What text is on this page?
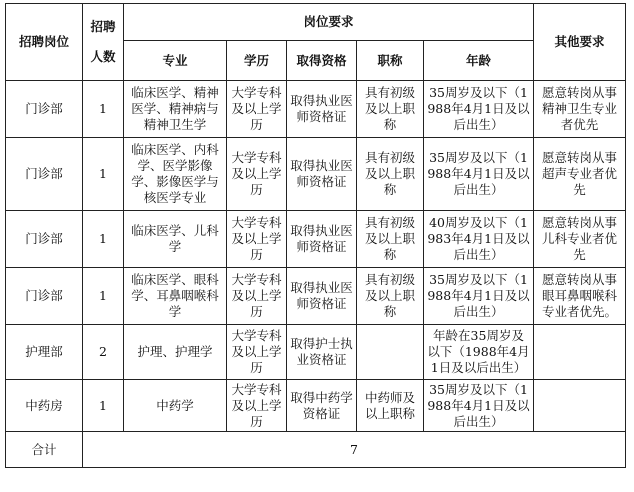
招聘岗位	招聘
人数	岗位要求					其他要求
		专业	学历	取得资格	职称	年龄	
门诊部	1	临床医学、精神医学、精神病与精神卫生学	大学专科及以上学历	取得执业医师资格证	具有初级及以上职称	35周岁及以下（1988年4月1日及以后出生）	愿意转岗从事精神卫生专业者优先
门诊部	1	临床医学、内科学、医学影像学、影像医学与核医学专业	大学专科及以上学历	取得执业医师资格证	具有初级及以上职称	35周岁及以下（1988年4月1日及以后出生）	愿意转岗从事超声专业者优先
门诊部	1	临床医学、儿科学	大学专科及以上学历	取得执业医师资格证	具有初级及以上职称	40周岁及以下（1983年4月1日及以后出生）	愿意转岗从事儿科专业者优先
门诊部	1	临床医学、眼科学、耳鼻咽喉科学	大学专科及以上学历	取得执业医师资格证	具有初级及以上职称	35周岁及以下（1988年4月1日及以后出生）	愿意转岗从事眼耳鼻咽喉科专业者优先。
护理部	2	护理、护理学	大学专科及以上学历	取得护士执业资格证		年龄在35周岁及以下（1988年4月1日及以后出生）	
中药房	1	中药学	大学专科及以上学历	取得中药学资格证	中药师及以上职称	35周岁及以下（1988年4月1日及以后出生）	
合计	7						
